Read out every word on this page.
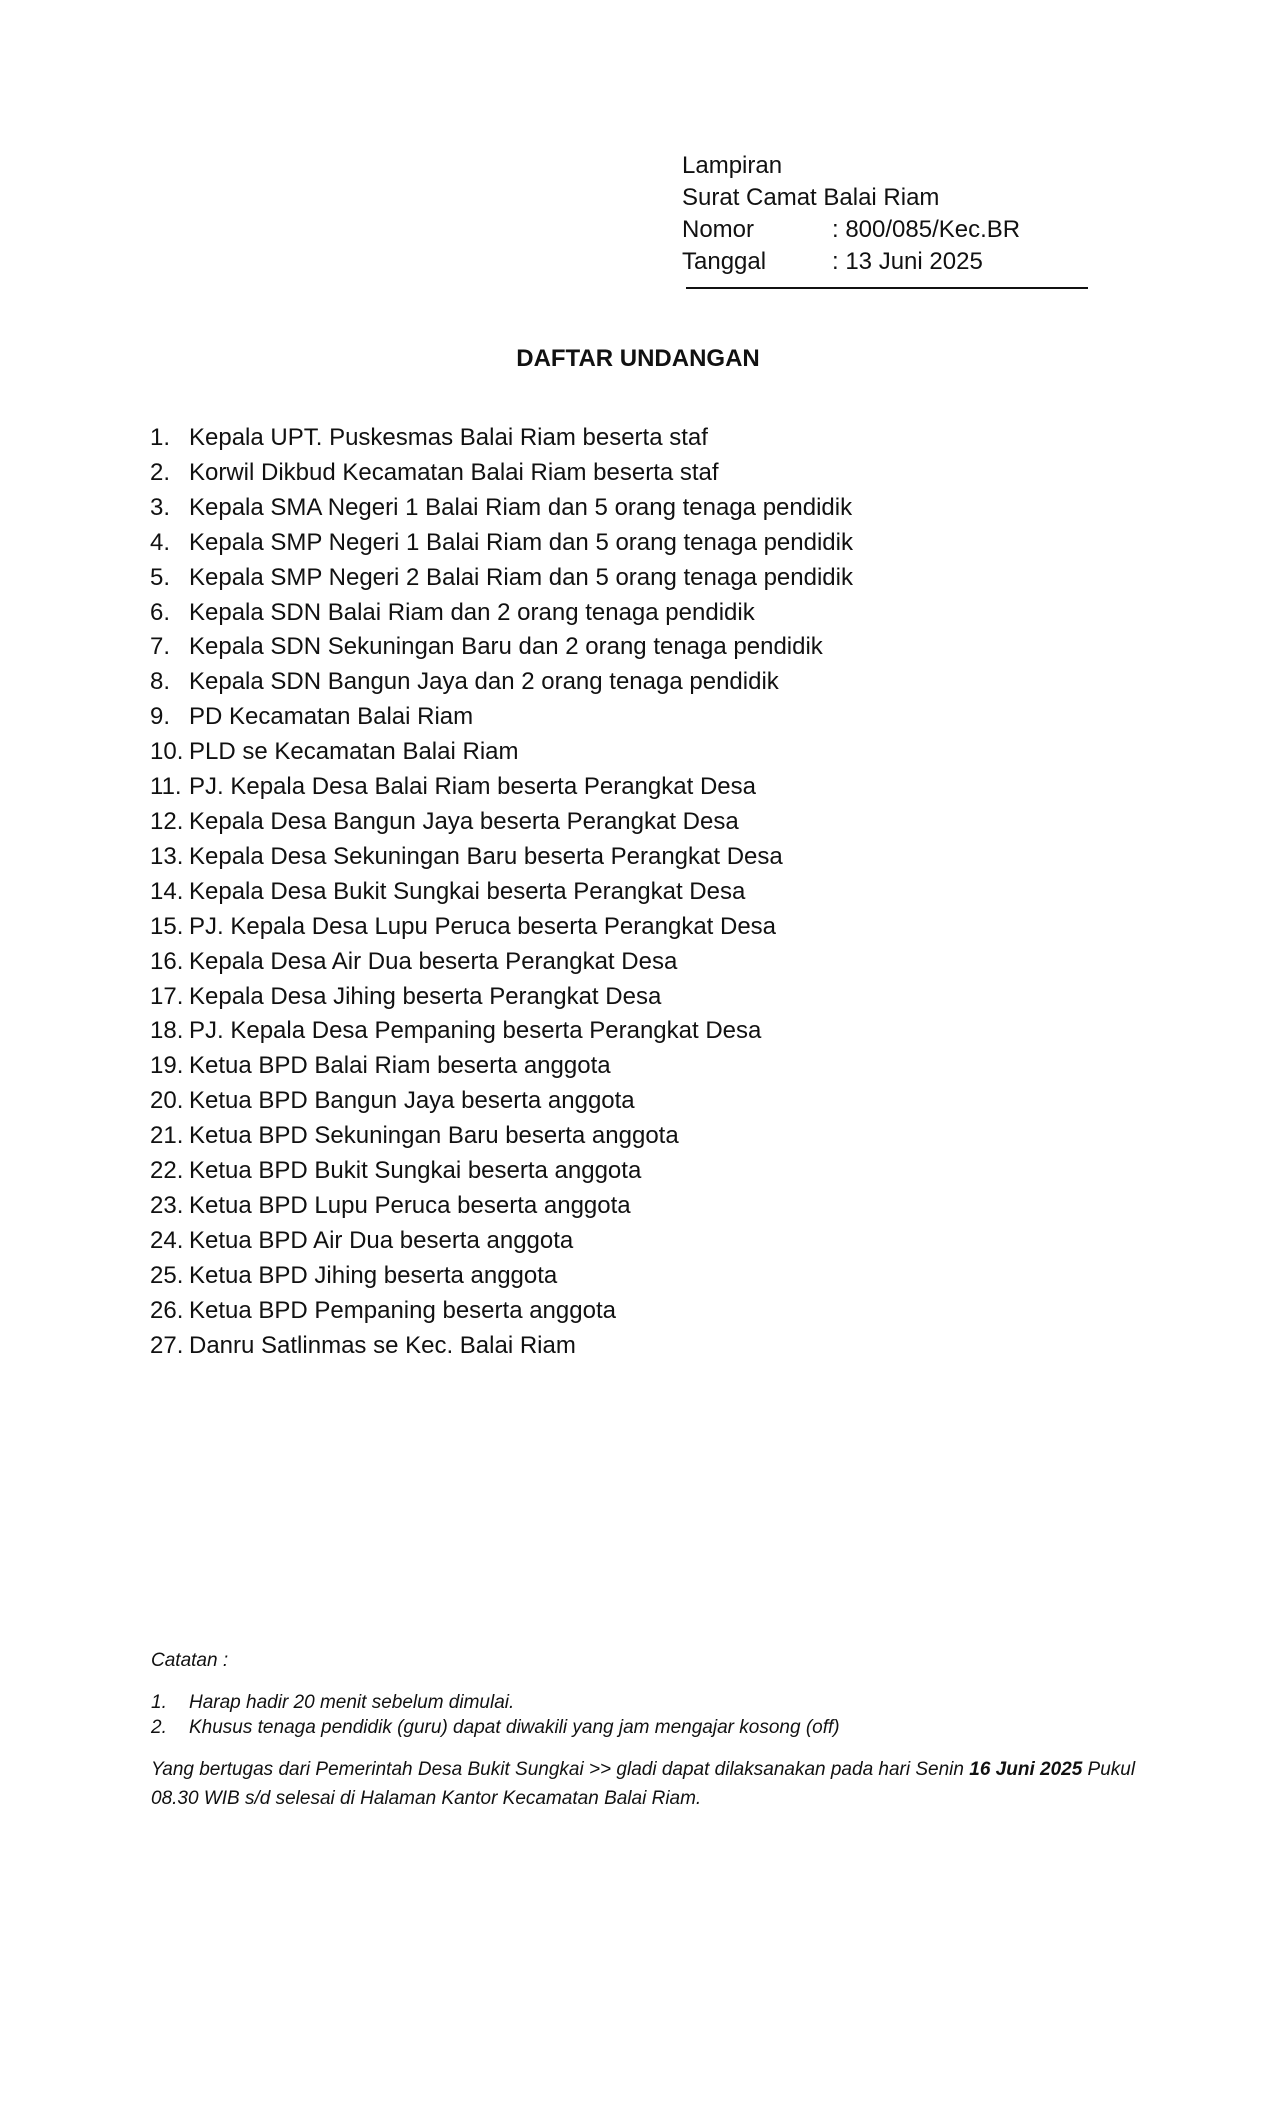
Lampiran
Surat Camat Balai Riam
Nomor	: 800/085/Kec.BR
Tanggal	: 13 Juni 2025
DAFTAR UNDANGAN
1. Kepala UPT. Puskesmas Balai Riam beserta staf
2. Korwil Dikbud Kecamatan Balai Riam beserta staf
3. Kepala SMA Negeri 1 Balai Riam dan 5 orang tenaga pendidik
4. Kepala SMP Negeri 1 Balai Riam dan 5 orang tenaga pendidik
5. Kepala SMP Negeri 2 Balai Riam dan 5 orang tenaga pendidik
6. Kepala SDN Balai Riam dan 2 orang tenaga pendidik
7. Kepala SDN Sekuningan Baru dan 2 orang tenaga pendidik
8. Kepala SDN Bangun Jaya dan 2 orang tenaga pendidik
9. PD Kecamatan Balai Riam
10. PLD se Kecamatan Balai Riam
11. PJ. Kepala Desa Balai Riam beserta Perangkat Desa
12. Kepala Desa Bangun Jaya beserta Perangkat Desa
13. Kepala Desa Sekuningan Baru beserta Perangkat Desa
14. Kepala Desa Bukit Sungkai beserta Perangkat Desa
15. PJ. Kepala Desa Lupu Peruca beserta Perangkat Desa
16. Kepala Desa Air Dua beserta Perangkat Desa
17. Kepala Desa Jihing beserta Perangkat Desa
18. PJ. Kepala Desa Pempaning beserta Perangkat Desa
19. Ketua BPD Balai Riam beserta anggota
20. Ketua BPD Bangun Jaya beserta anggota
21. Ketua BPD Sekuningan Baru beserta anggota
22. Ketua BPD Bukit Sungkai beserta anggota
23. Ketua BPD Lupu Peruca beserta anggota
24. Ketua BPD Air Dua beserta anggota
25. Ketua BPD Jihing beserta anggota
26. Ketua BPD Pempaning beserta anggota
27. Danru Satlinmas se Kec. Balai Riam
Catatan :
1.	Harap hadir 20 menit sebelum dimulai.
2.	Khusus tenaga pendidik (guru) dapat diwakili yang jam mengajar kosong (off)
Yang bertugas dari Pemerintah Desa Bukit Sungkai >> gladi dapat dilaksanakan pada hari Senin 16 Juni 2025 Pukul 08.30 WIB s/d selesai di Halaman Kantor Kecamatan Balai Riam.
